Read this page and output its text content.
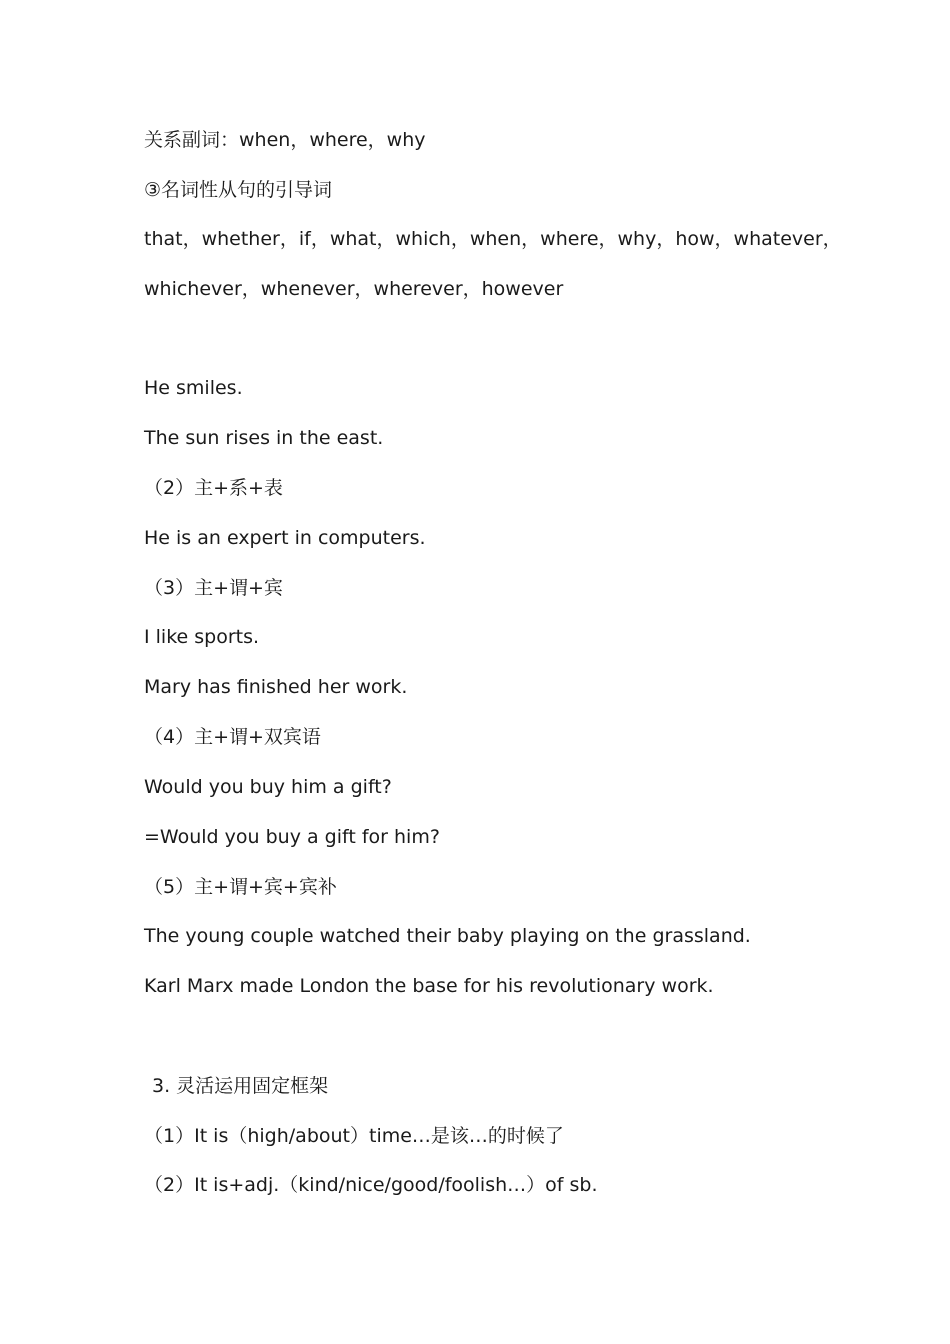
关系副词：when，where，why
③名词性从句的引导词
that，whether，if，what，which，when，where，why，how，whatever，
whichever，whenever，wherever，however
He smiles.
The sun rises in the east.
（2）主+系+表
He is an expert in computers.
（3）主+谓+宾
I like sports.
Mary has finished her work.
（4）主+谓+双宾语
Would you buy him a gift?
=Would you buy a gift for him?
（5）主+谓+宾+宾补
The young couple watched their baby playing on the grassland.
Karl Marx made London the base for his revolutionary work.
3. 灵活运用固定框架
（1）It is（high/about）time…是该…的时候了
（2）It is+adj.（kind/nice/good/foolish…）of sb.
